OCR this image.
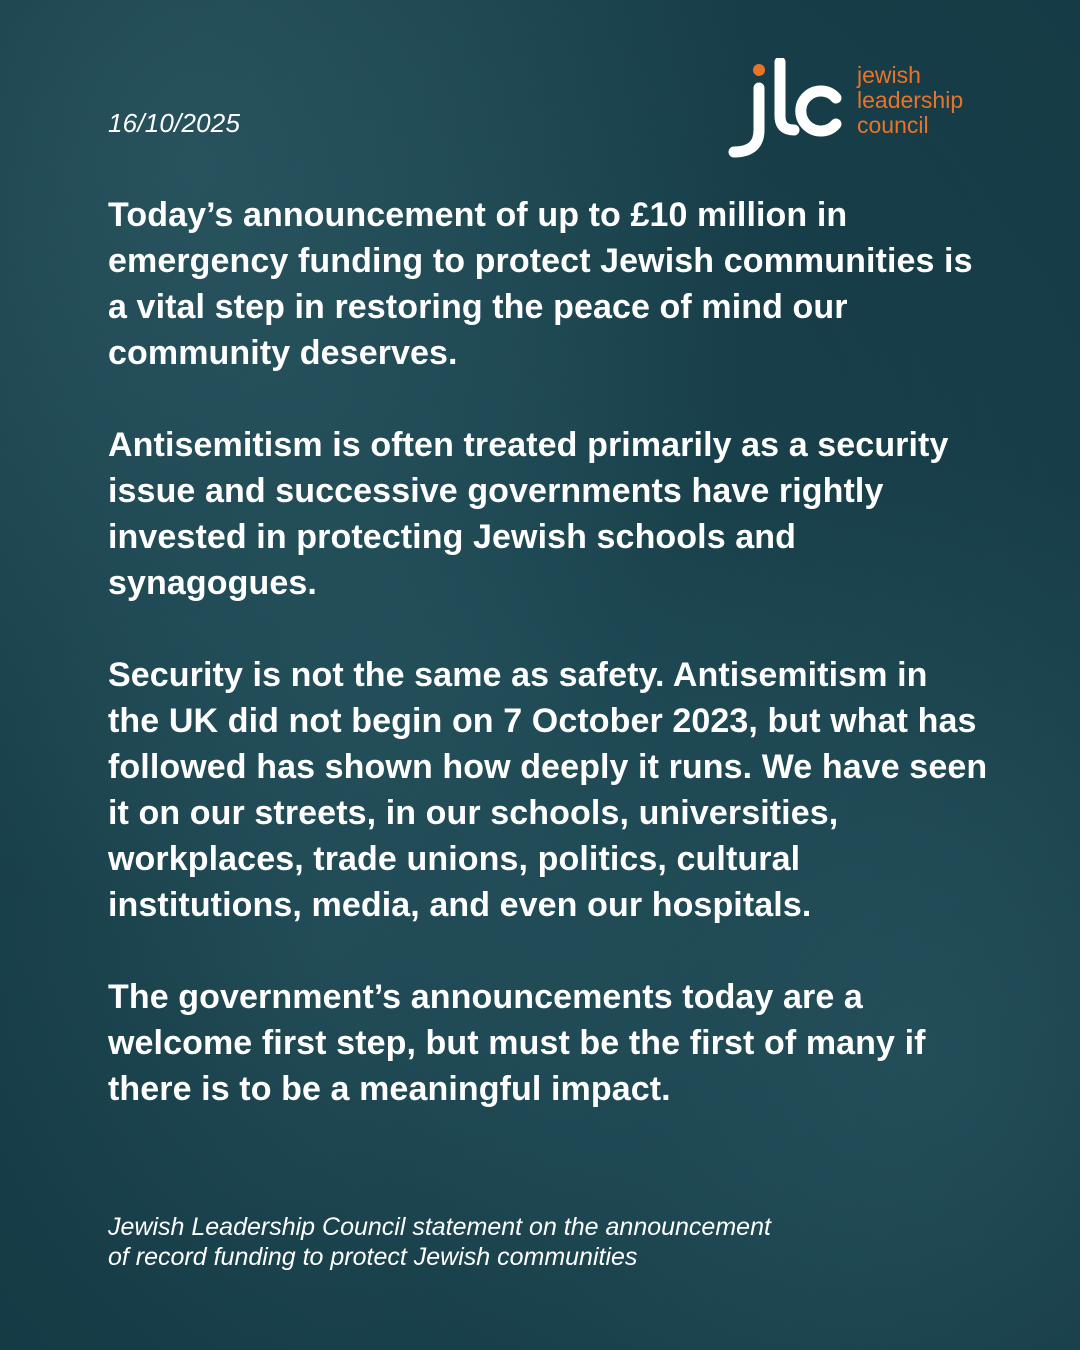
16/10/2025
jewish
leadership
council

Today’s announcement of up to £10 million in emergency funding to protect Jewish communities is a vital step in restoring the peace of mind our community deserves.

Antisemitism is often treated primarily as a security issue and successive governments have rightly invested in protecting Jewish schools and synagogues.

Security is not the same as safety. Antisemitism in the UK did not begin on 7 October 2023, but what has followed has shown how deeply it runs. We have seen it on our streets, in our schools, universities, workplaces, trade unions, politics, cultural institutions, media, and even our hospitals.

The government’s announcements today are a welcome first step, but must be the first of many if there is to be a meaningful impact.

Jewish Leadership Council statement on the announcement
of record funding to protect Jewish communities
